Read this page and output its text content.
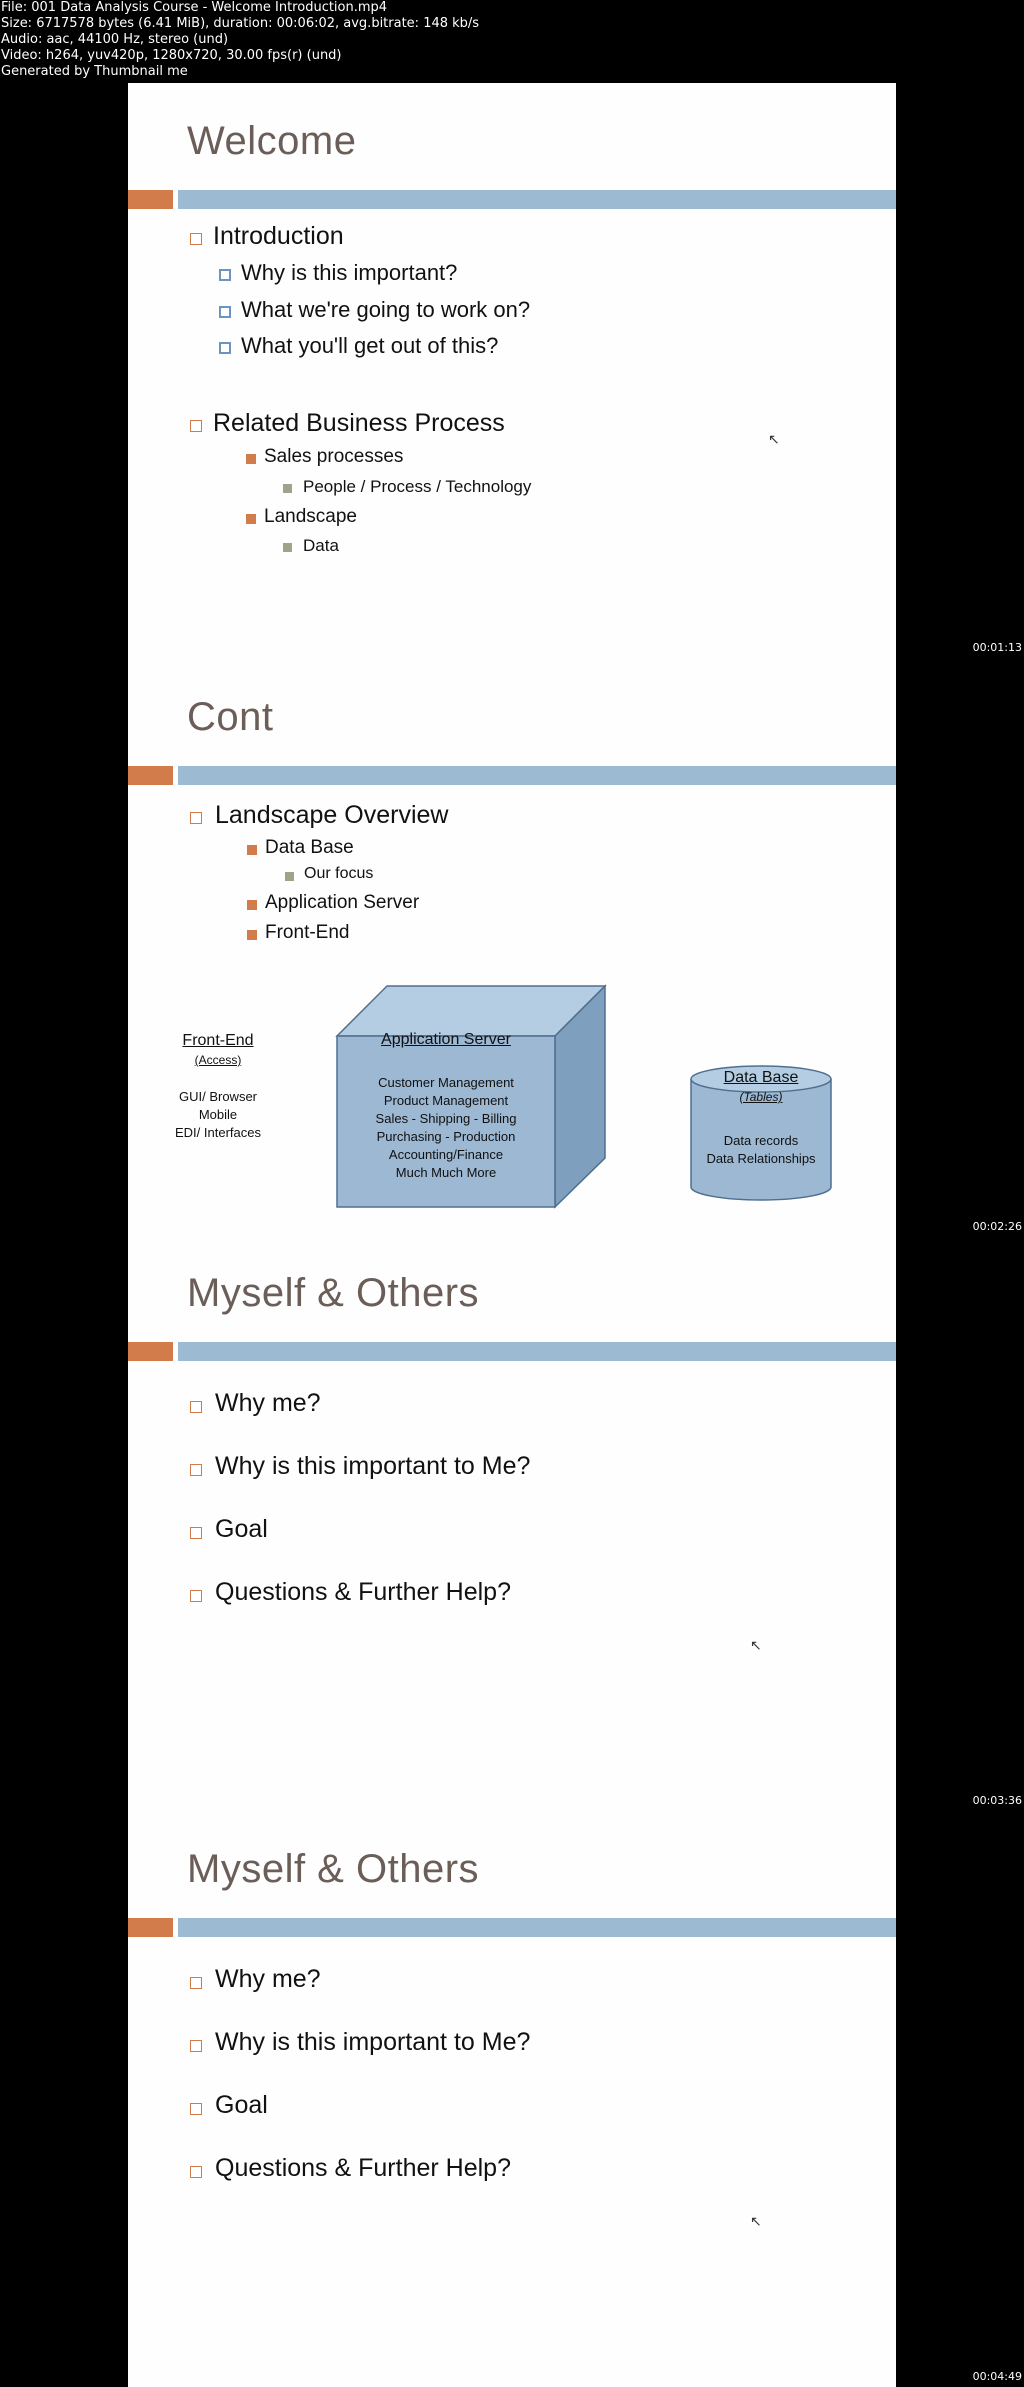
File: 001 Data Analysis Course - Welcome Introduction.mp4
Size: 6717578 bytes (6.41 MiB), duration: 00:06:02, avg.bitrate: 148 kb/s
Audio: aac, 44100 Hz, stereo (und)
Video: h264, yuv420p, 1280x720, 30.00 fps(r) (und)
Generated by Thumbnail me
Welcome
Introduction
Why is this important?
What we're going to work on?
What you'll get out of this?
Related Business Process
Sales processes
People / Process / Technology
Landscape
Data
↖
00:01:13
Cont
Landscape Overview
Data Base
Our focus
Application Server
Front-End
Front-End
(Access)
GUI/ Browser
Mobile
EDI/ Interfaces
Application Server
Customer Management
Product Management
Sales - Shipping - Billing
Purchasing - Production
Accounting/Finance
Much Much More
Data Base
(Tables)
Data records
Data Relationships
00:02:26
Myself & Others
Why me?
Why is this important to Me?
Goal
Questions & Further Help?
↖
00:03:36
Myself & Others
Why me?
Why is this important to Me?
Goal
Questions & Further Help?
↖
00:04:49
